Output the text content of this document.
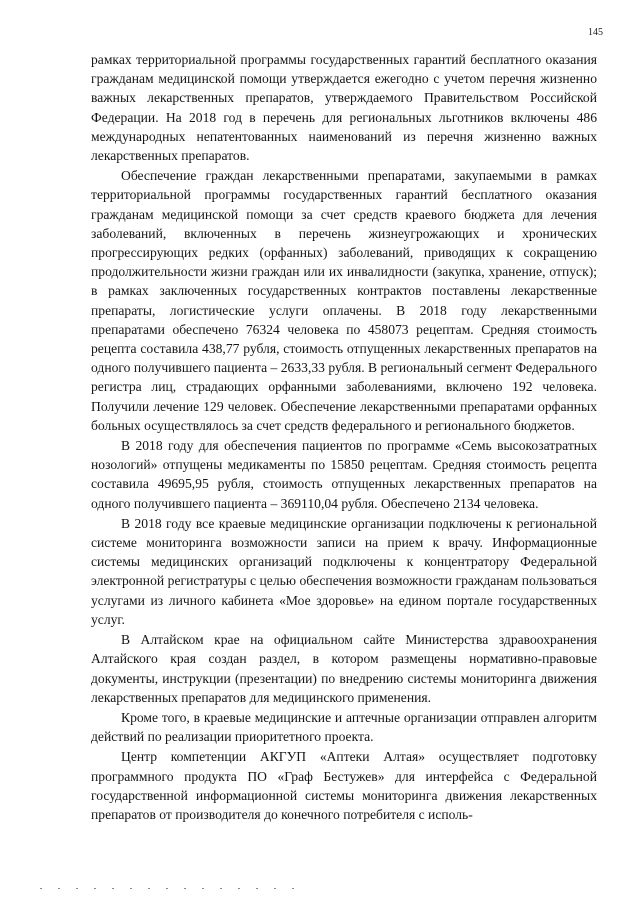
145

рамках территориальной программы государственных гарантий бесплатного оказания гражданам медицинской помощи утверждается ежегодно с учетом перечня жизненно важных лекарственных препаратов, утверждаемого Правительством Российской Федерации. На 2018 год в перечень для региональных льготников включены 486 международных непатентованных наименований из перечня жизненно важных лекарственных препаратов.

Обеспечение граждан лекарственными препаратами, закупаемыми в рамках территориальной программы государственных гарантий бесплатного оказания гражданам медицинской помощи за счет средств краевого бюджета для лечения заболеваний, включенных в перечень жизнеугрожающих и хронических прогрессирующих редких (орфанных) заболеваний, приводящих к сокращению продолжительности жизни граждан или их инвалидности (закупка, хранение, отпуск); в рамках заключенных государственных контрактов поставлены лекарственные препараты, логистические услуги оплачены. В 2018 году лекарственными препаратами обеспечено 76324 человека по 458073 рецептам. Средняя стоимость рецепта составила 438,77 рубля, стоимость отпущенных лекарственных препаратов на одного получившего пациента – 2633,33 рубля. В региональный сегмент Федерального регистра лиц, страдающих орфанными заболеваниями, включено 192 человека. Получили лечение 129 человек. Обеспечение лекарственными препаратами орфанных больных осуществлялось за счет средств федерального и регионального бюджетов.

В 2018 году для обеспечения пациентов по программе «Семь высокозатратных нозологий» отпущены медикаменты по 15850 рецептам. Средняя стоимость рецепта составила 49695,95 рубля, стоимость отпущенных лекарственных препаратов на одного получившего пациента – 369110,04 рубля. Обеспечено 2134 человека.

В 2018 году все краевые медицинские организации подключены к региональной системе мониторинга возможности записи на прием к врачу. Информационные системы медицинских организаций подключены к концентратору Федеральной электронной регистратуры с целью обеспечения возможности гражданам пользоваться услугами из личного кабинета «Мое здоровье» на едином портале государственных услуг.

В Алтайском крае на официальном сайте Министерства здравоохранения Алтайского края создан раздел, в котором размещены нормативно-правовые документы, инструкции (презентации) по внедрению системы мониторинга движения лекарственных препаратов для медицинского применения.

Кроме того, в краевые медицинские и аптечные организации отправлен алгоритм действий по реализации приоритетного проекта.

Центр компетенции АКГУП «Аптеки Алтая» осуществляет подготовку программного продукта ПО «Граф Бестужев» для интерфейса с Федеральной государственной информационной системы мониторинга движения лекарственных препаратов от производителя до конечного потребителя с исполь-
